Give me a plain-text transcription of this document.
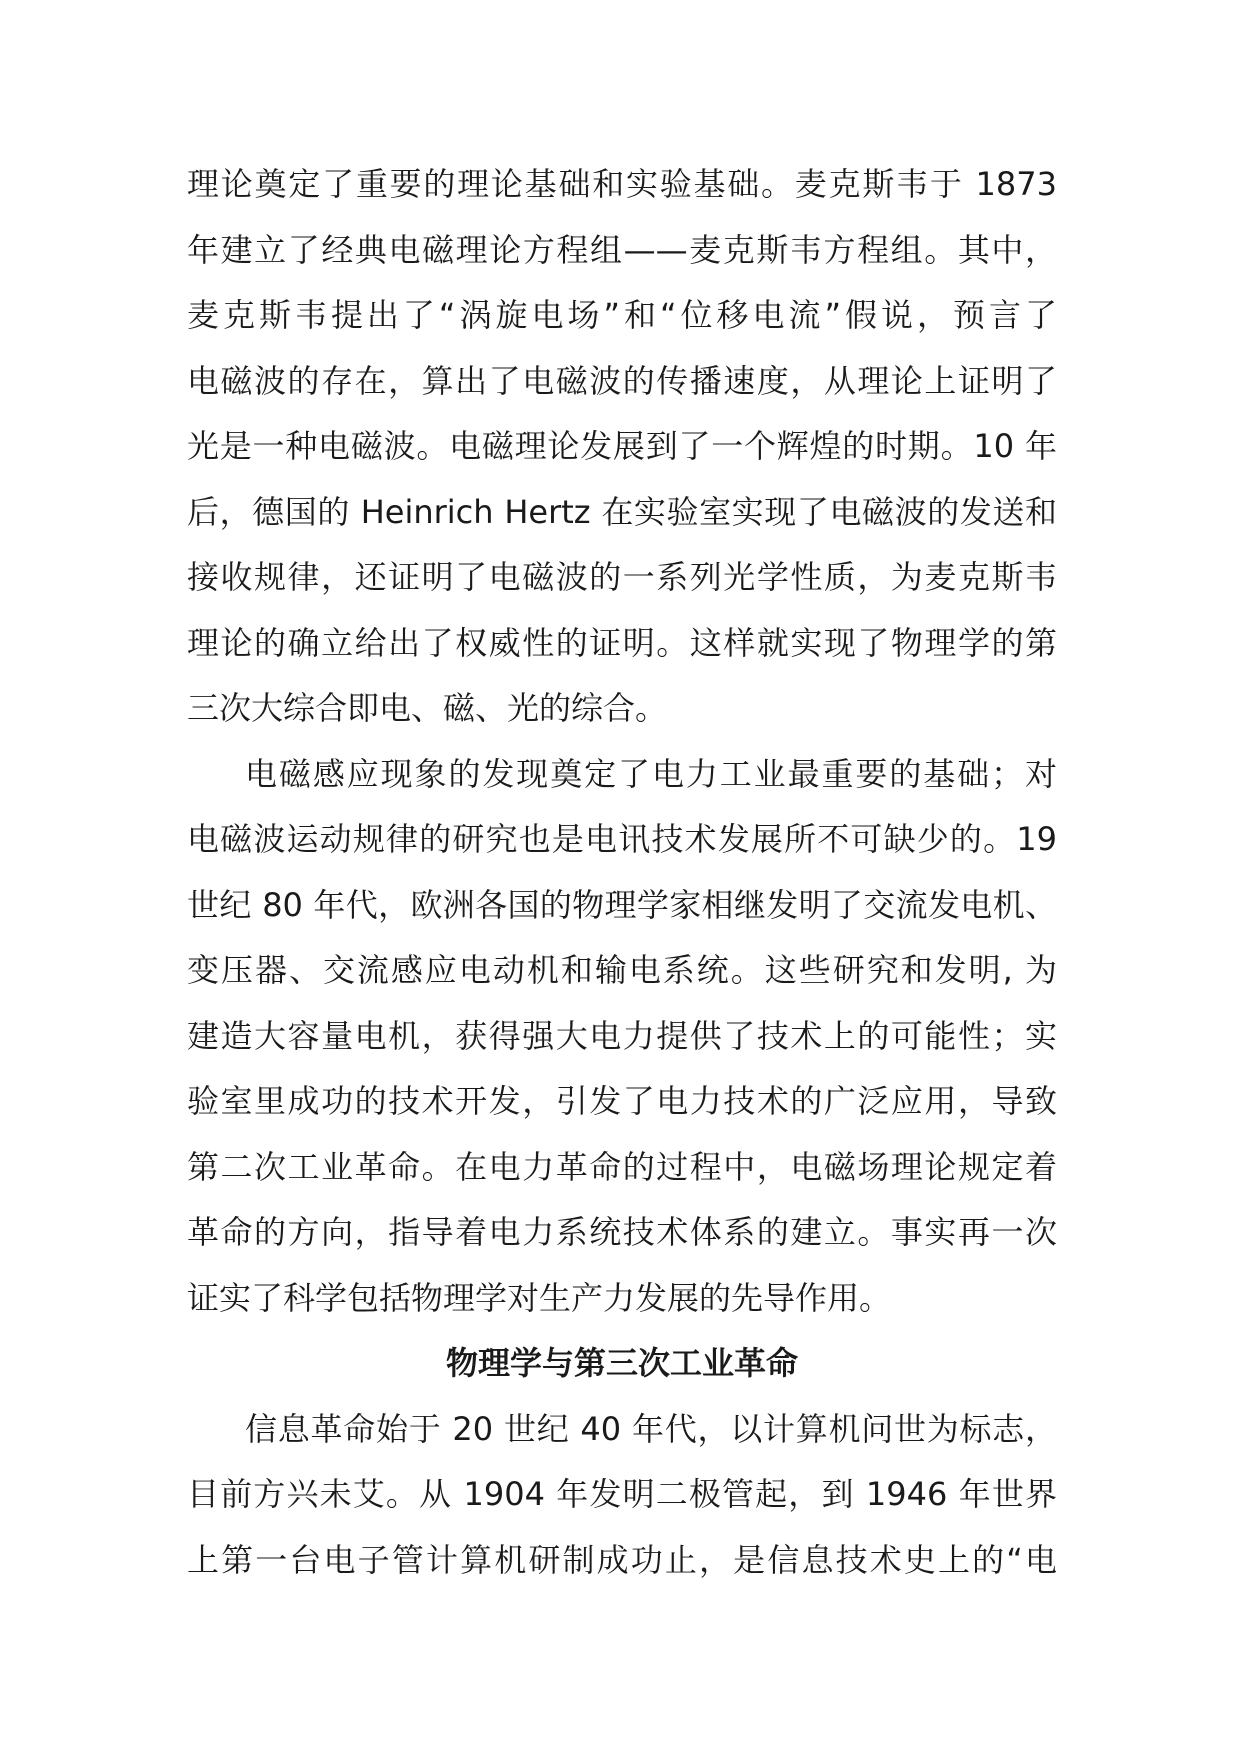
理论奠定了重要的理论基础和实验基础。麦克斯韦于 1873
年建立了经典电磁理论方程组——麦克斯韦方程组。其中，
麦克斯韦提出了“涡旋电场”和“位移电流”假说，预言了
电磁波的存在，算出了电磁波的传播速度，从理论上证明了
光是一种电磁波。电磁理论发展到了一个辉煌的时期。10 年
后，德国的 Heinrich Hertz 在实验室实现了电磁波的发送和
接收规律，还证明了电磁波的一系列光学性质，为麦克斯韦
理论的确立给出了权威性的证明。这样就实现了物理学的第
三次大综合即电、磁、光的综合。
电磁感应现象的发现奠定了电力工业最重要的基础；对
电磁波运动规律的研究也是电讯技术发展所不可缺少的。19
世纪 80 年代，欧洲各国的物理学家相继发明了交流发电机、
变压器、交流感应电动机和输电系统。这些研究和发明, 为
建造大容量电机，获得强大电力提供了技术上的可能性；实
验室里成功的技术开发，引发了电力技术的广泛应用，导致
第二次工业革命。在电力革命的过程中，电磁场理论规定着
革命的方向，指导着电力系统技术体系的建立。事实再一次
证实了科学包括物理学对生产力发展的先导作用。
物理学与第三次工业革命
信息革命始于 20 世纪 40 年代，以计算机问世为标志，
目前方兴未艾。从 1904 年发明二极管起，到 1946 年世界
上第一台电子管计算机研制成功止，是信息技术史上的“电
